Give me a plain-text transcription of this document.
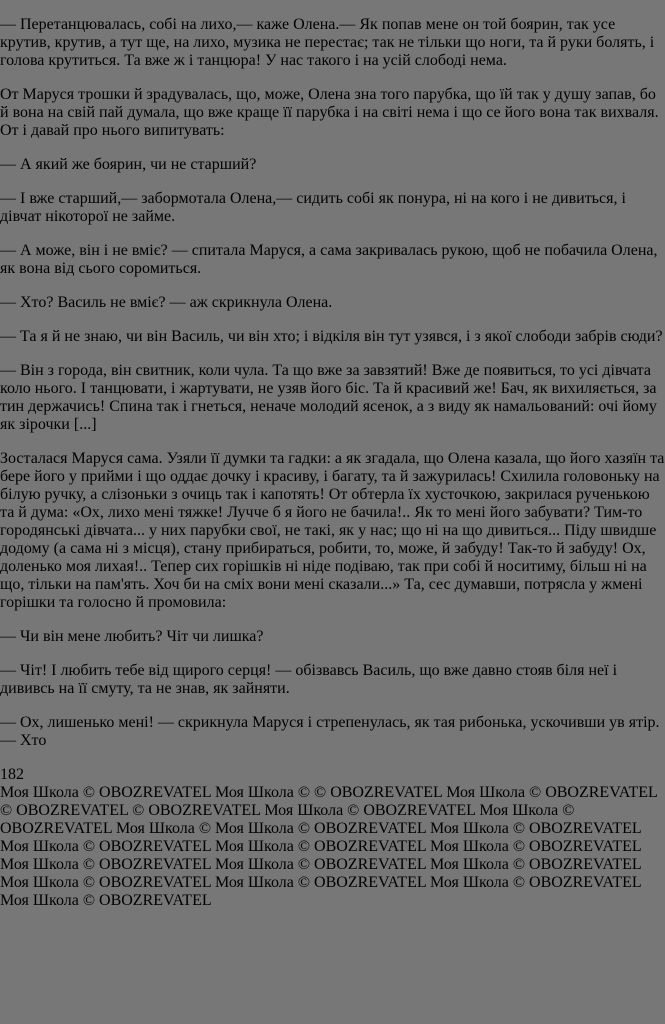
— Перетанцювалась, собі на лихо,— каже Олена.— Як попав мене он той боярин, так усе крутив, крутив, а тут ще, на лихо, музика не перестає; так не тільки що ноги, та й руки болять, і голова крутиться. Та вже ж і танцюра! У нас такого і на усій слободі нема.

От Маруся трошки й зрадувалась, що, може, Олена зна того парубка, що їй так у душу запав, бо й вона на свій пай думала, що вже краще її парубка і на світі нема і що се його вона так вихваля. От і давай про нього випитувать:

— А який же боярин, чи не старший?

— І вже старший,— забормотала Олена,— сидить собі як понура, ні на кого і не дивиться, і дівчат нікоторої не займе.

— А може, він і не вміє? — спитала Маруся, а сама закривалась рукою, щоб не побачила Олена, як вона від сього соромиться.

— Хто? Василь не вміє? — аж скрикнула Олена.

— Та я й не знаю, чи він Василь, чи він хто; і відкіля він тут узявся, і з якої слободи забрів сюди?

— Він з города, він свитник, коли чула. Та що вже за завзятий! Вже де появиться, то усі дівчата коло нього. І танцювати, і жартувати, не узяв його біс. Та й красивий же! Бач, як вихиляється, за тин держачись! Спина так і гнеться, неначе молодий ясенок, а з виду як намальований: очі йому як зірочки [...]

Зосталася Маруся сама. Узяли її думки та гадки: а як згадала, що Олена казала, що його хазяїн та бере його у прийми і що оддає дочку і красиву, і багату, та й зажурилась! Схилила головоньку на білую ручку, а слізоньки з очиць так і капотять! От обтерла їх хусточкою, закрилася рученькою та й дума: «Ох, лихо мені тяжке! Лучче б я його не бачила!.. Як то мені його забувати? Тим-то городянські дівчата... у них парубки свої, не такі, як у нас; що ні на що дивиться... Піду швидше додому (а сама ні з місця), стану прибираться, робити, то, може, й забуду! Так-то й забуду! Ох, доленько моя лихая!.. Тепер сих горішків ні ніде подіваю, так при собі й носитиму, більш ні на що, тільки на пам'ять. Хоч би на сміх вони мені сказали...» Та, сес думавши, потрясла у жмені горішки та голосно й промовила:

— Чи він мене любить? Чіт чи лишка?

— Чіт! І любить тебе від щирого серця! — обізвавсь Василь, що вже давно стояв біля неї і дививсь на її смуту, та не знав, як зайняти.

— Ох, лишенько мені! — скрикнула Маруся і стрепенулась, як тая рибонька, ускочивши ув ятір.— Хто

182
Моя Школа © OBOZREVATEL Моя Школа © © OBOZREVATEL Моя Школа © OBOZREVATEL © OBOZREVATEL © OBOZREVATEL Моя Школа © OBOZREVATEL Моя Школа © OBOZREVATEL Моя Школа © Моя Школа © OBOZREVATEL Моя Школа © OBOZREVATEL Моя Школа © OBOZREVATEL Моя Школа © OBOZREVATEL Моя Школа © OBOZREVATEL Моя Школа © OBOZREVATEL Моя Школа © OBOZREVATEL Моя Школа © OBOZREVATEL Моя Школа © OBOZREVATEL Моя Школа © OBOZREVATEL Моя Школа © OBOZREVATEL Моя Школа © OBOZREVATEL
